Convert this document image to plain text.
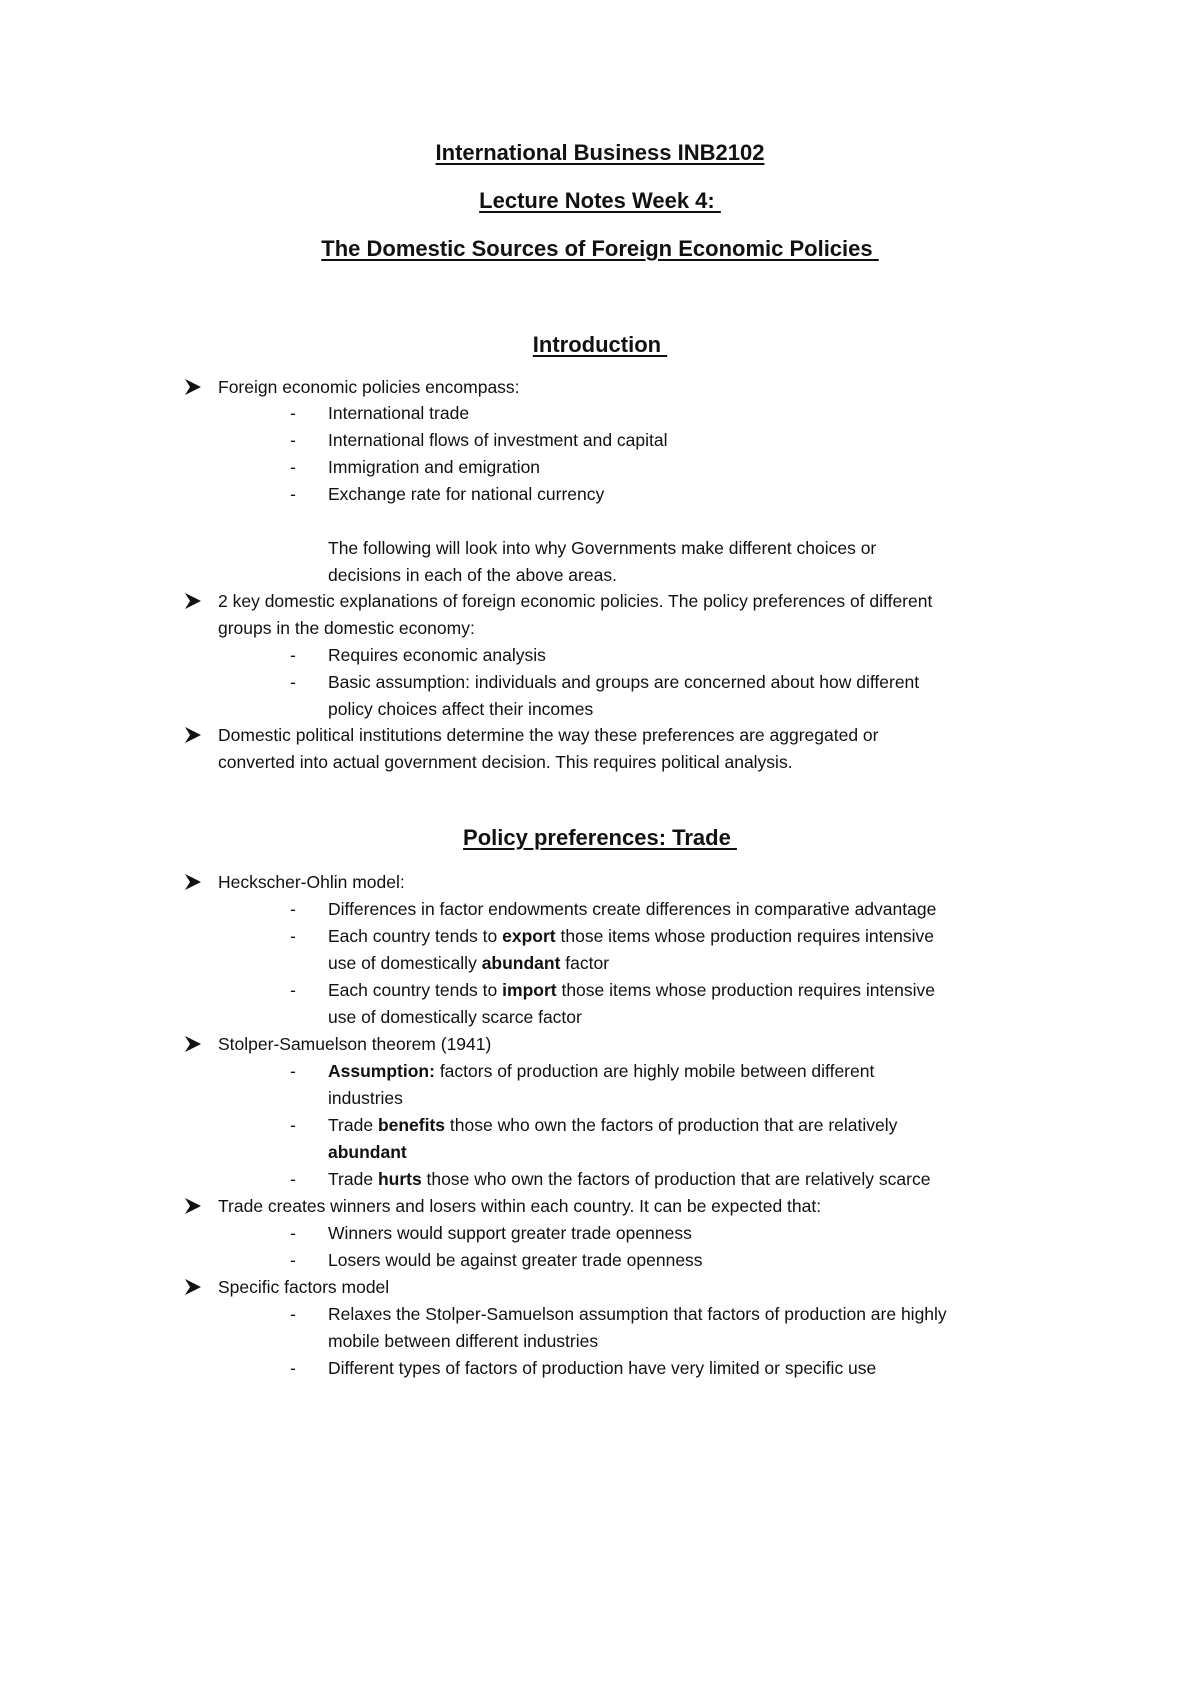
International Business INB2102
Lecture Notes Week 4:
The Domestic Sources of Foreign Economic Policies
Introduction
Foreign economic policies encompass:
- International trade
- International flows of investment and capital
- Immigration and emigration
- Exchange rate for national currency
The following will look into why Governments make different choices or
decisions in each of the above areas.
2 key domestic explanations of foreign economic policies. The policy preferences of different
groups in the domestic economy:
- Requires economic analysis
- Basic assumption: individuals and groups are concerned about how different
policy choices affect their incomes
Domestic political institutions determine the way these preferences are aggregated or
converted into actual government decision. This requires political analysis.
Policy preferences: Trade
Heckscher-Ohlin model:
- Differences in factor endowments create differences in comparative advantage
- Each country tends to export those items whose production requires intensive
use of domestically abundant factor
- Each country tends to import those items whose production requires intensive
use of domestically scarce factor
Stolper-Samuelson theorem (1941)
- Assumption: factors of production are highly mobile between different
industries
- Trade benefits those who own the factors of production that are relatively
abundant
- Trade hurts those who own the factors of production that are relatively scarce
Trade creates winners and losers within each country. It can be expected that:
- Winners would support greater trade openness
- Losers would be against greater trade openness
Specific factors model
- Relaxes the Stolper-Samuelson assumption that factors of production are highly
mobile between different industries
- Different types of factors of production have very limited or specific use
